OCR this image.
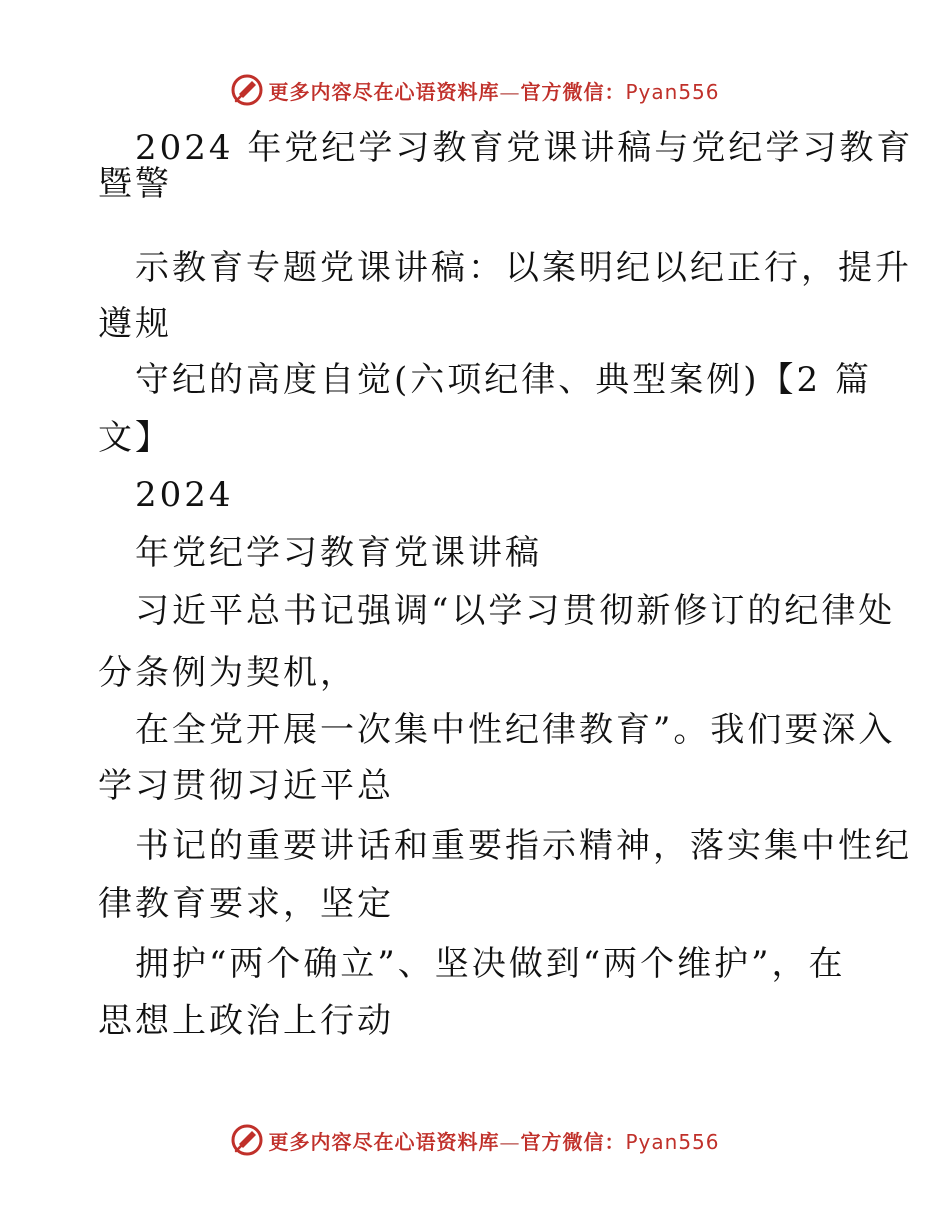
更多内容尽在心语资料库—官方微信：Pyan556
2024 年党纪学习教育党课讲稿与党纪学习教育
暨警
示教育专题党课讲稿：以案明纪以纪正行，提升
遵规
守纪的高度自觉(六项纪律、典型案例)【2 篇
文】
2024
年党纪学习教育党课讲稿
习近平总书记强调“以学习贯彻新修订的纪律处
分条例为契机，
在全党开展一次集中性纪律教育”。我们要深入
学习贯彻习近平总
书记的重要讲话和重要指示精神，落实集中性纪
律教育要求，坚定
拥护“两个确立”、坚决做到“两个维护”，在
思想上政治上行动
更多内容尽在心语资料库—官方微信：Pyan556
